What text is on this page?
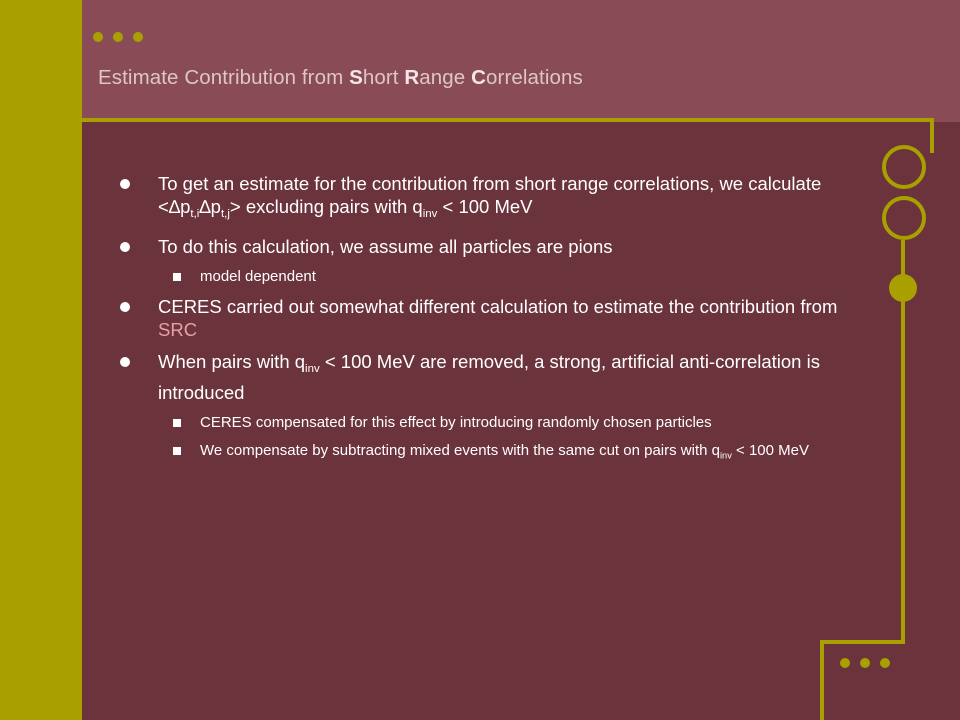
Estimate Contribution from Short Range Correlations
To get an estimate for the contribution from short range correlations, we calculate $<\Delta p_{t,i}\Delta p_{t,j}>$ excluding pairs with $q_{inv} < 100$ MeV
To do this calculation, we assume all particles are pions
model dependent
CERES carried out somewhat different calculation to estimate the contribution from SRC
When pairs with $q_{inv} < 100$ MeV are removed, a strong, artificial anti-correlation is introduced
CERES compensated for this effect by introducing randomly chosen particles
We compensate by subtracting mixed events with the same cut on pairs with $q_{inv} < 100$ MeV
